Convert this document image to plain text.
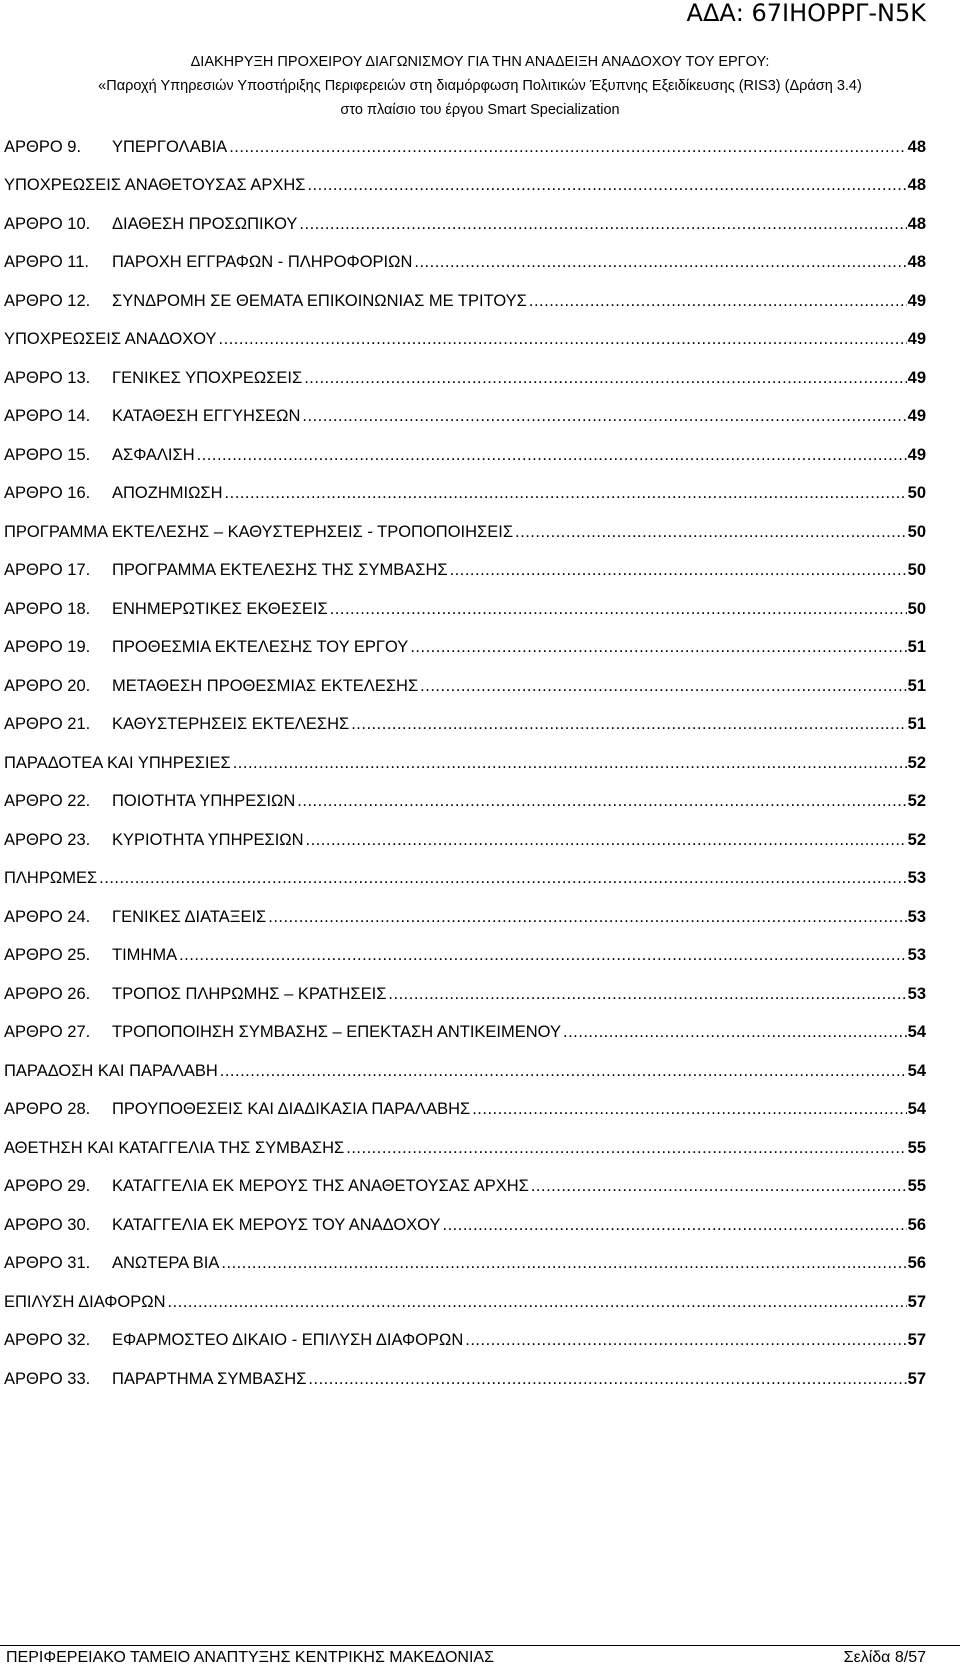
ΑΔΑ: 67ΙΗΟΡΡΓ-Ν5Κ
ΔΙΑΚΗΡΥΞΗ ΠΡΟΧΕΙΡΟΥ ΔΙΑΓΩΝΙΣΜΟΥ ΓΙΑ ΤΗΝ ΑΝΑΔΕΙΞΗ ΑΝΑΔΟΧΟΥ ΤΟΥ ΕΡΓΟΥ:
«Παροχή Υπηρεσιών Υποστήριξης Περιφερειών στη διαμόρφωση Πολιτικών Έξυπνης Εξειδίκευσης (RIS3) (Δράση 3.4)
στο πλαίσιο του έργου Smart Specialization
ΑΡΘΡΟ 9.	ΥΠΕΡΓΟΛΑΒΙΑ .....	48
ΥΠΟΧΡΕΩΣΕΙΣ ΑΝΑΘΕΤΟΥΣΑΣ ΑΡΧΗΣ .....	48
ΑΡΘΡΟ 10.	ΔΙΑΘΕΣΗ ΠΡΟΣΩΠΙΚΟΥ .....	48
ΑΡΘΡΟ 11.	ΠΑΡΟΧΗ ΕΓΓΡΑΦΩΝ - ΠΛΗΡΟΦΟΡΙΩΝ .....	48
ΑΡΘΡΟ 12.	ΣΥΝΔΡΟΜΗ ΣΕ ΘΕΜΑΤΑ ΕΠΙΚΟΙΝΩΝΙΑΣ ΜΕ ΤΡΙΤΟΥΣ .....	49
ΥΠΟΧΡΕΩΣΕΙΣ ΑΝΑΔΟΧΟΥ .....	49
ΑΡΘΡΟ 13.	ΓΕΝΙΚΕΣ ΥΠΟΧΡΕΩΣΕΙΣ .....	49
ΑΡΘΡΟ 14.	ΚΑΤΑΘΕΣΗ ΕΓΓΥΗΣΕΩΝ .....	49
ΑΡΘΡΟ 15.	ΑΣΦΑΛΙΣΗ .....	49
ΑΡΘΡΟ 16.	ΑΠΟΖΗΜΙΩΣΗ .....	50
ΠΡΟΓΡΑΜΜΑ ΕΚΤΕΛΕΣΗΣ – ΚΑΘΥΣΤΕΡΗΣΕΙΣ - ΤΡΟΠΟΠΟΙΗΣΕΙΣ .....	50
ΑΡΘΡΟ 17.	ΠΡΟΓΡΑΜΜΑ ΕΚΤΕΛΕΣΗΣ ΤΗΣ ΣΥΜΒΑΣΗΣ .....	50
ΑΡΘΡΟ 18.	ΕΝΗΜΕΡΩΤΙΚΕΣ ΕΚΘΕΣΕΙΣ .....	50
ΑΡΘΡΟ 19.	ΠΡΟΘΕΣΜΙΑ ΕΚΤΕΛΕΣΗΣ ΤΟΥ ΕΡΓΟΥ .....	51
ΑΡΘΡΟ 20.	ΜΕΤΑΘΕΣΗ ΠΡΟΘΕΣΜΙΑΣ ΕΚΤΕΛΕΣΗΣ .....	51
ΑΡΘΡΟ 21.	ΚΑΘΥΣΤΕΡΗΣΕΙΣ ΕΚΤΕΛΕΣΗΣ .....	51
ΠΑΡΑΔΟΤΕΑ ΚΑΙ ΥΠΗΡΕΣΙΕΣ .....	52
ΑΡΘΡΟ 22.	ΠΟΙΟΤΗΤΑ ΥΠΗΡΕΣΙΩΝ .....	52
ΑΡΘΡΟ 23.	ΚΥΡΙΟΤΗΤΑ ΥΠΗΡΕΣΙΩΝ .....	52
ΠΛΗΡΩΜΕΣ .....	53
ΑΡΘΡΟ 24.	ΓΕΝΙΚΕΣ ΔΙΑΤΑΞΕΙΣ .....	53
ΑΡΘΡΟ 25.	ΤΙΜΗΜΑ .....	53
ΑΡΘΡΟ 26.	ΤΡΟΠΟΣ ΠΛΗΡΩΜΗΣ – ΚΡΑΤΗΣΕΙΣ .....	53
ΑΡΘΡΟ 27.	ΤΡΟΠΟΠΟΙΗΣΗ ΣΥΜΒΑΣΗΣ – ΕΠΕΚΤΑΣΗ ΑΝΤΙΚΕΙΜΕΝΟΥ .....	54
ΠΑΡΑΔΟΣΗ ΚΑΙ ΠΑΡΑΛΑΒΗ .....	54
ΑΡΘΡΟ 28.	ΠΡΟΥΠΟΘΕΣΕΙΣ ΚΑΙ ΔΙΑΔΙΚΑΣΙΑ ΠΑΡΑΛΑΒΗΣ .....	54
ΑΘΕΤΗΣΗ ΚΑΙ ΚΑΤΑΓΓΕΛΙΑ ΤΗΣ ΣΥΜΒΑΣΗΣ .....	55
ΑΡΘΡΟ 29.	ΚΑΤΑΓΓΕΛΙΑ ΕΚ ΜΕΡΟΥΣ ΤΗΣ ΑΝΑΘΕΤΟΥΣΑΣ ΑΡΧΗΣ .....	55
ΑΡΘΡΟ 30.	ΚΑΤΑΓΓΕΛΙΑ ΕΚ ΜΕΡΟΥΣ ΤΟΥ ΑΝΑΔΟΧΟΥ .....	56
ΑΡΘΡΟ 31.	ΑΝΩΤΕΡΑ ΒΙΑ .....	56
ΕΠΙΛΥΣΗ ΔΙΑΦΟΡΩΝ .....	57
ΑΡΘΡΟ 32.	ΕΦΑΡΜΟΣΤΕΟ ΔΙΚΑΙΟ - ΕΠΙΛΥΣΗ ΔΙΑΦΟΡΩΝ .....	57
ΑΡΘΡΟ 33.	ΠΑΡΑΡΤΗΜΑ ΣΥΜΒΑΣΗΣ .....	57
ΠΕΡΙΦΕΡΕΙΑΚΟ ΤΑΜΕΙΟ ΑΝΑΠΤΥΞΗΣ ΚΕΝΤΡΙΚΗΣ ΜΑΚΕΔΟΝΙΑΣ	Σελίδα 8/57
